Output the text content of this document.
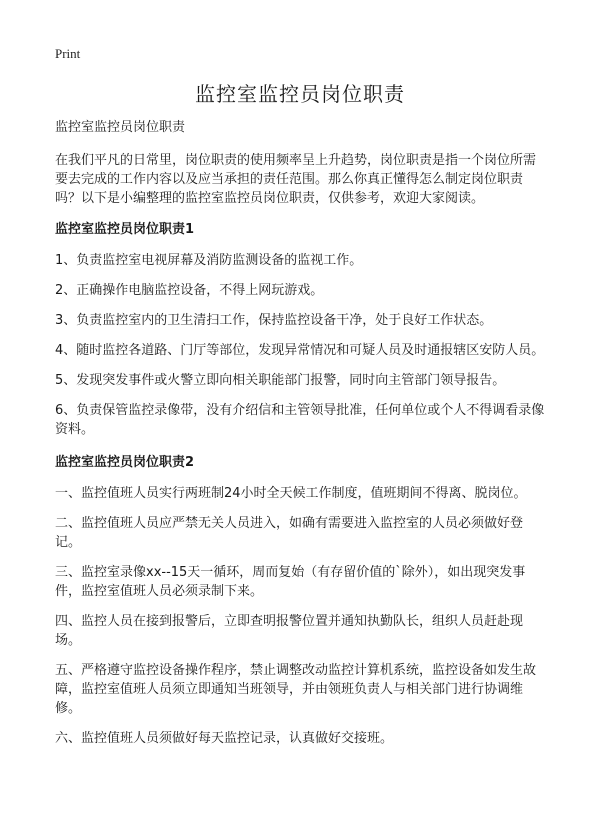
Print
监控室监控员岗位职责

监控室监控员岗位职责

在我们平凡的日常里，岗位职责的使用频率呈上升趋势，岗位职责是指一个岗位所需要去完成的工作内容以及应当承担的责任范围。那么你真正懂得怎么制定岗位职责吗？以下是小编整理的监控室监控员岗位职责，仅供参考，欢迎大家阅读。

监控室监控员岗位职责1

1、负责监控室电视屏幕及消防监测设备的监视工作。

2、正确操作电脑监控设备，不得上网玩游戏。

3、负责监控室内的卫生清扫工作，保持监控设备干净，处于良好工作状态。

4、随时监控各道路、门厅等部位，发现异常情况和可疑人员及时通报辖区安防人员。

5、发现突发事件或火警立即向相关职能部门报警，同时向主管部门领导报告。

6、负责保管监控录像带，没有介绍信和主管领导批准，任何单位或个人不得调看录像资料。

监控室监控员岗位职责2

一、监控值班人员实行两班制24小时全天候工作制度，值班期间不得离、脱岗位。

二、监控值班人员应严禁无关人员进入，如确有需要进入监控室的人员必须做好登记。

三、监控室录像xx--15天一循环，周而复始（有存留价值的`除外），如出现突发事件，监控室值班人员必须录制下来。

四、监控人员在接到报警后，立即查明报警位置并通知执勤队长，组织人员赶赴现场。

五、严格遵守监控设备操作程序，禁止调整改动监控计算机系统，监控设备如发生故障，监控室值班人员须立即通知当班领导，并由领班负责人与相关部门进行协调维修。

六、监控值班人员须做好每天监控记录，认真做好交接班。
